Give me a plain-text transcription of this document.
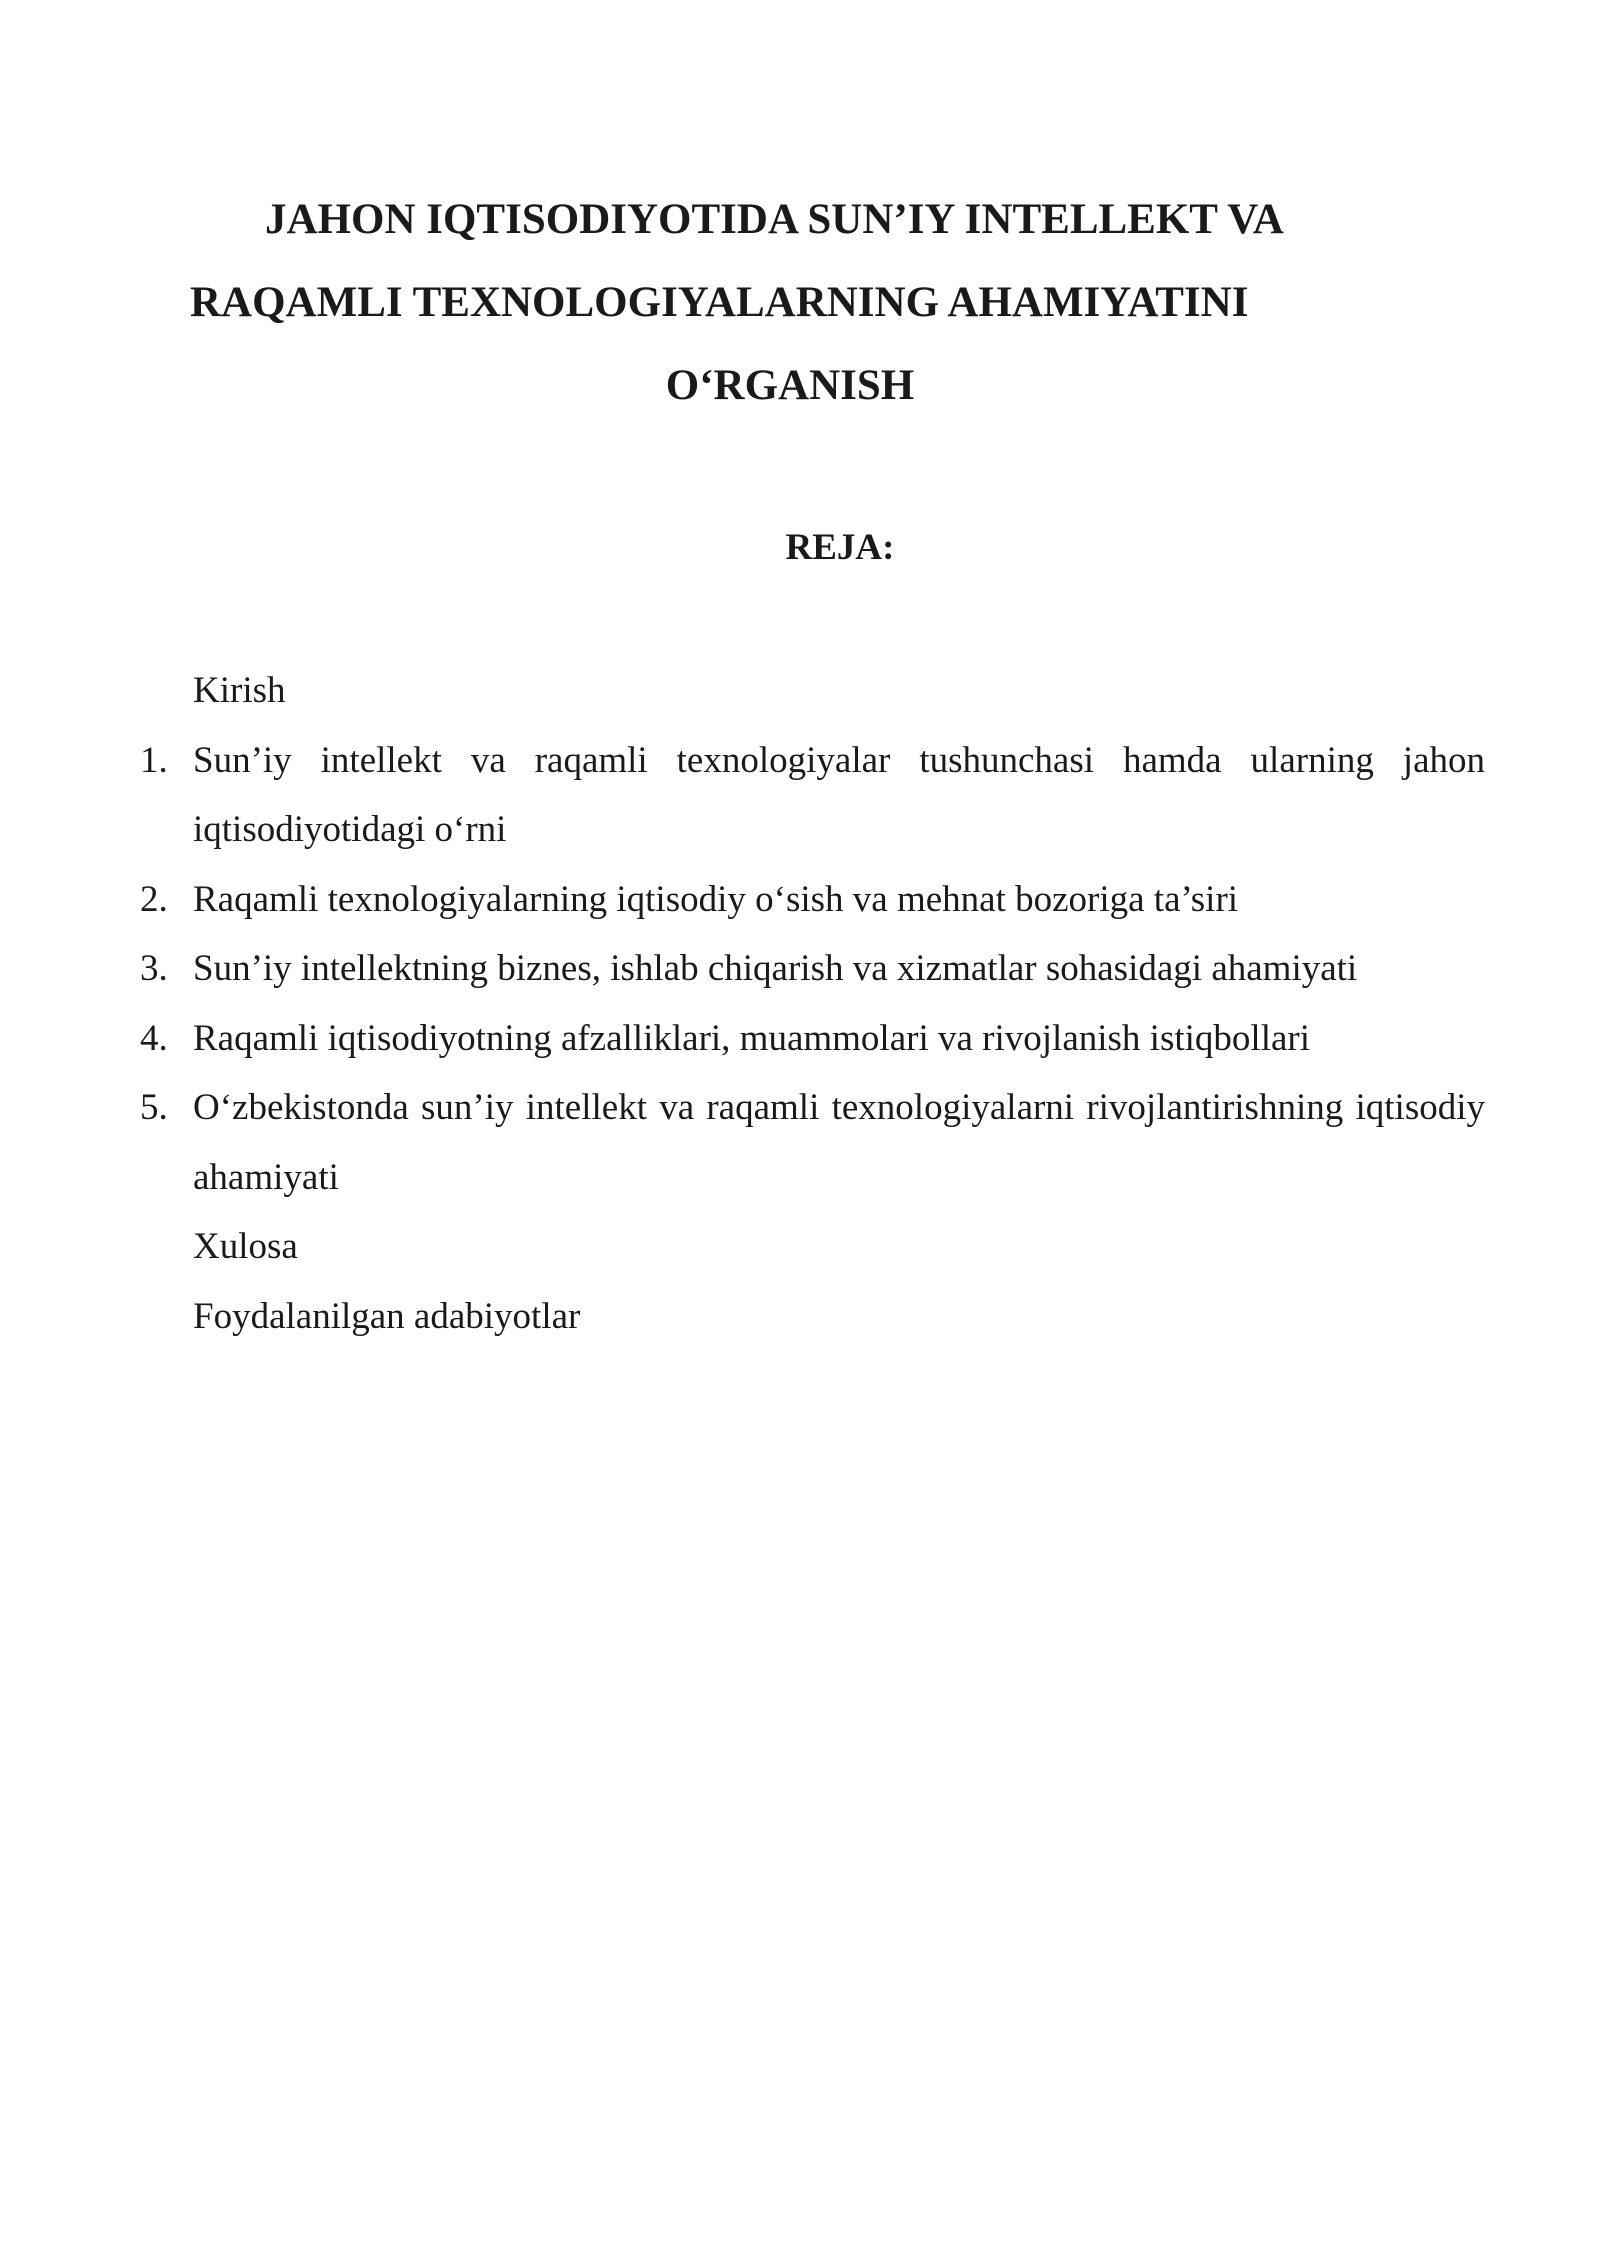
JAHON IQTISODIYOTIDA SUN’IY INTELLEKT VA
RAQAMLI TEXNOLOGIYALARNING AHAMIYATINI
O‘RGANISH
REJA:
Kirish
1. Sun’iy intellekt va raqamli texnologiyalar tushunchasi hamda ularning jahon iqtisodiyotidagi o‘rni
2. Raqamli texnologiyalarning iqtisodiy o‘sish va mehnat bozoriga ta’siri
3. Sun’iy intellektning biznes, ishlab chiqarish va xizmatlar sohasidagi ahamiyati
4. Raqamli iqtisodiyotning afzalliklari, muammolari va rivojlanish istiqbollari
5. O‘zbekistonda sun’iy intellekt va raqamli texnologiyalarni rivojlantirishning iqtisodiy ahamiyati
Xulosa
Foydalanilgan adabiyotlar
